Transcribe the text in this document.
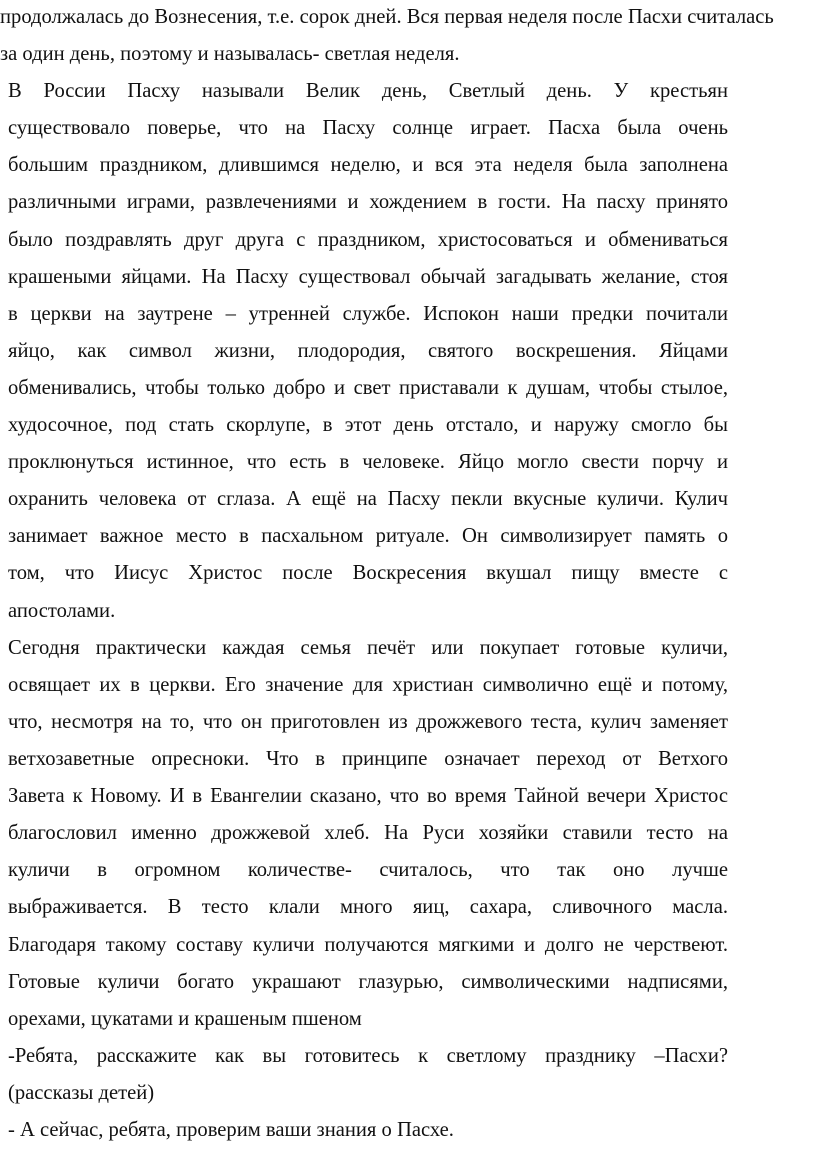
продолжалась до Вознесения, т.е. сорок дней. Вся первая неделя после Пасхи считалась
за один день, поэтому и называлась- светлая неделя.
В России Пасху называли Велик день, Светлый день. У крестьян
существовало поверье, что на Пасху солнце играет. Пасха была очень
большим праздником, длившимся неделю, и вся эта неделя была заполнена
различными играми, развлечениями и хождением в гости. На пасху принято
было поздравлять друг друга с праздником, христосоваться и обмениваться
крашеными яйцами. На Пасху существовал обычай загадывать желание, стоя
в церкви на заутрене – утренней службе. Испокон наши предки почитали
яйцо, как символ жизни, плодородия, святого воскрешения. Яйцами
обменивались, чтобы только добро и свет приставали к душам, чтобы стылое,
худосочное, под стать скорлупе, в этот день отстало, и наружу смогло бы
проклюнуться истинное, что есть в человеке. Яйцо могло свести порчу и
охранить человека от сглаза. А ещё на Пасху пекли вкусные куличи. Кулич
занимает важное место в пасхальном ритуале. Он символизирует память о
том, что Иисус Христос после Воскресения вкушал пищу вместе с
апостолами.
Сегодня практически каждая семья печёт или покупает готовые куличи,
освящает их в церкви. Его значение для христиан символично ещё и потому,
что, несмотря на то, что он приготовлен из дрожжевого теста, кулич заменяет
ветхозаветные опресноки. Что в принципе означает переход от Ветхого
Завета к Новому. И в Евангелии сказано, что во время Тайной вечери Христос
благословил именно дрожжевой хлеб. На Руси хозяйки ставили тесто на
куличи в огромном количестве- считалось, что так оно лучше
выбраживается. В тесто клали много яиц, сахара, сливочного масла.
Благодаря такому составу куличи получаются мягкими и долго не черствеют.
Готовые куличи богато украшают глазурью, символическими надписями,
орехами, цукатами и крашеным пшеном
-Ребята, расскажите как вы готовитесь к светлому празднику –Пасхи?
(рассказы детей)
- А сейчас, ребята, проверим ваши знания о Пасхе.
